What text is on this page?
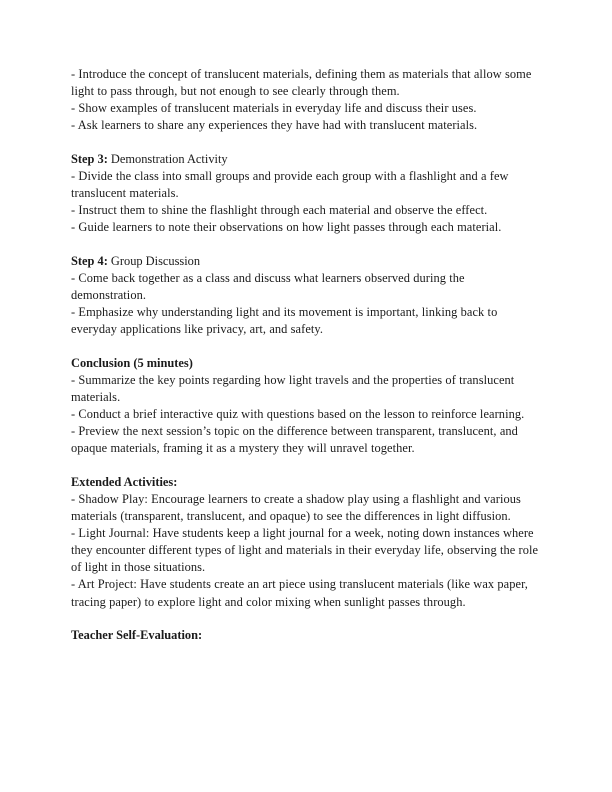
- Introduce the concept of translucent materials, defining them as materials that allow some light to pass through, but not enough to see clearly through them.
- Show examples of translucent materials in everyday life and discuss their uses.
- Ask learners to share any experiences they have had with translucent materials.
Step 3: Demonstration Activity
- Divide the class into small groups and provide each group with a flashlight and a few translucent materials.
- Instruct them to shine the flashlight through each material and observe the effect.
- Guide learners to note their observations on how light passes through each material.
Step 4: Group Discussion
- Come back together as a class and discuss what learners observed during the demonstration.
- Emphasize why understanding light and its movement is important, linking back to everyday applications like privacy, art, and safety.
Conclusion (5 minutes)
- Summarize the key points regarding how light travels and the properties of translucent materials.
- Conduct a brief interactive quiz with questions based on the lesson to reinforce learning.
- Preview the next session’s topic on the difference between transparent, translucent, and opaque materials, framing it as a mystery they will unravel together.
Extended Activities:
- Shadow Play: Encourage learners to create a shadow play using a flashlight and various materials (transparent, translucent, and opaque) to see the differences in light diffusion.
- Light Journal: Have students keep a light journal for a week, noting down instances where they encounter different types of light and materials in their everyday life, observing the role of light in those situations.
- Art Project: Have students create an art piece using translucent materials (like wax paper, tracing paper) to explore light and color mixing when sunlight passes through.
Teacher Self-Evaluation:
